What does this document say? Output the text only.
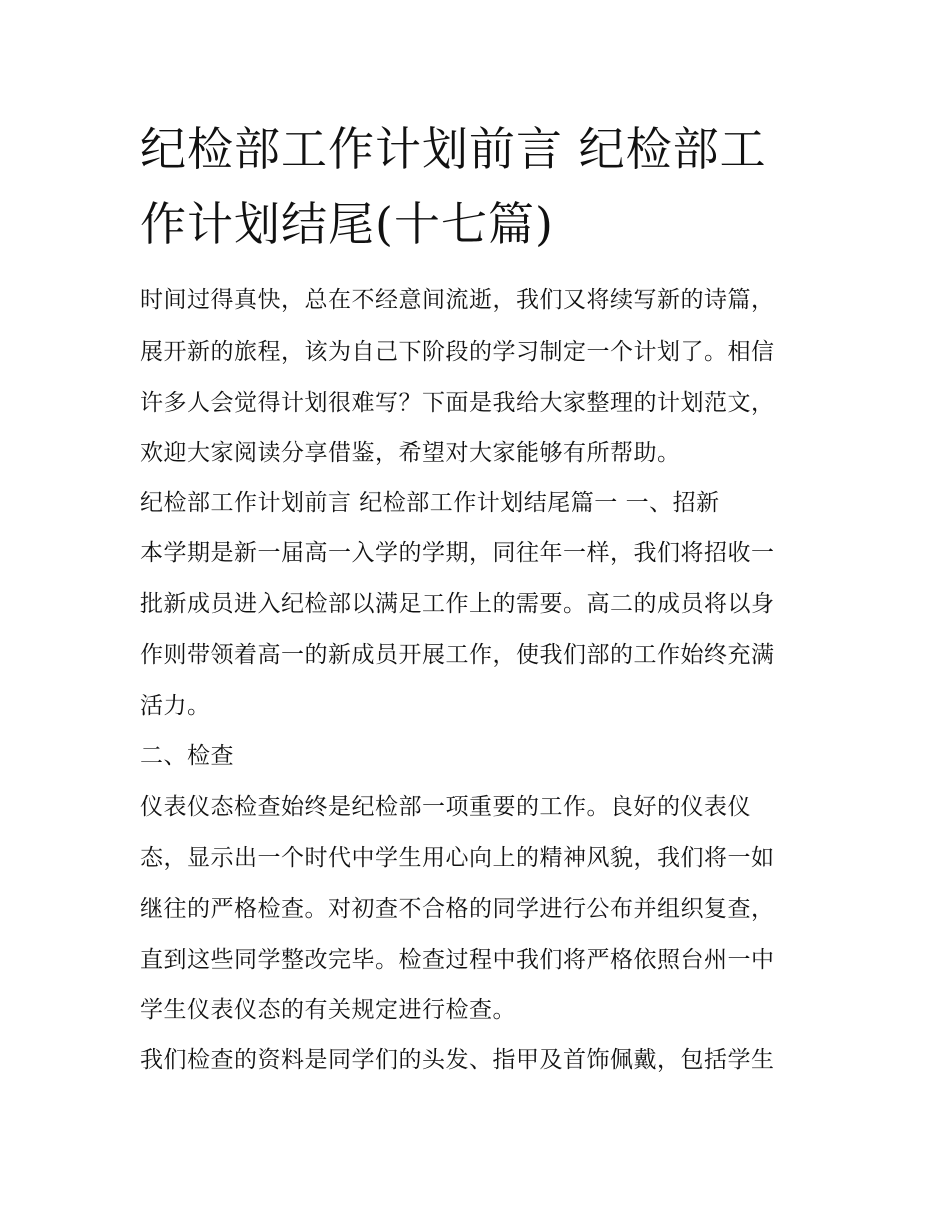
纪检部工作计划前言 纪检部工
作计划结尾(十七篇)

时间过得真快，总在不经意间流逝，我们又将续写新的诗篇，

展开新的旅程，该为自己下阶段的学习制定一个计划了。相信

许多人会觉得计划很难写？下面是我给大家整理的计划范文，

欢迎大家阅读分享借鉴，希望对大家能够有所帮助。

纪检部工作计划前言 纪检部工作计划结尾篇一 一、招新

本学期是新一届高一入学的学期，同往年一样，我们将招收一

批新成员进入纪检部以满足工作上的需要。高二的成员将以身

作则带领着高一的新成员开展工作，使我们部的工作始终充满

活力。

二、检查

仪表仪态检查始终是纪检部一项重要的工作。良好的仪表仪

态，显示出一个时代中学生用心向上的精神风貌，我们将一如

继往的严格检查。对初查不合格的同学进行公布并组织复查，

直到这些同学整改完毕。检查过程中我们将严格依照台州一中

学生仪表仪态的有关规定进行检查。

我们检查的资料是同学们的头发、指甲及首饰佩戴，包括学生
